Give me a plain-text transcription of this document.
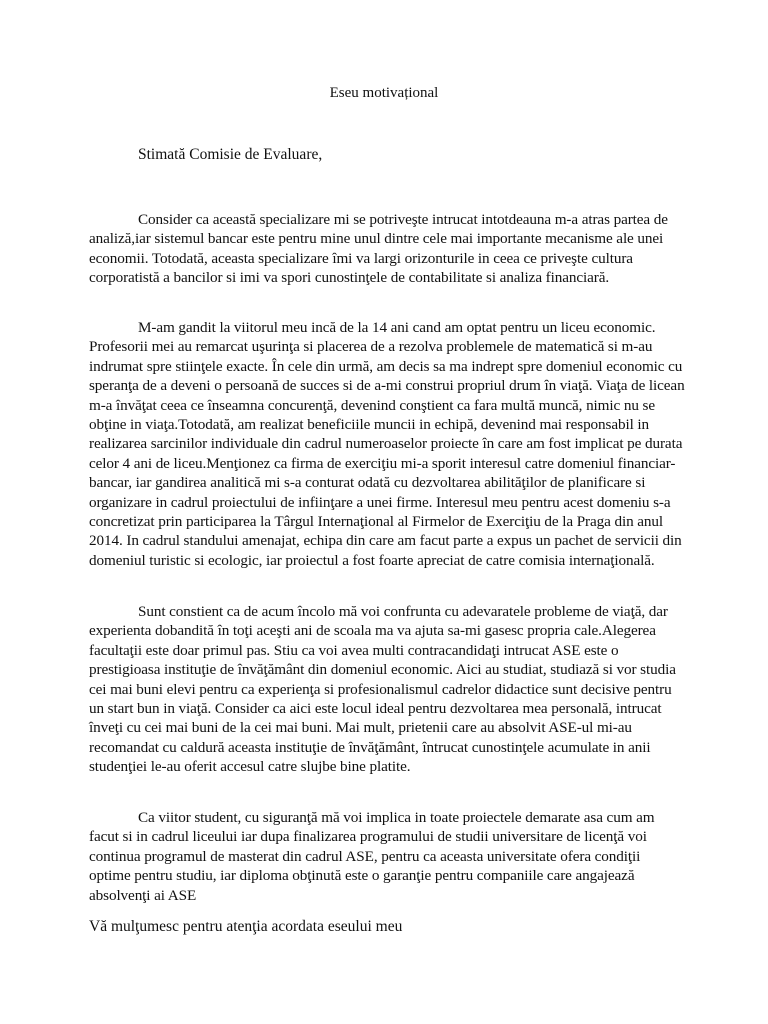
Eseu motivațional
Stimată Comisie de Evaluare,

Consider ca această specializare mi se potriveşte intrucat intotdeauna m-a atras partea de analiză,iar sistemul bancar este pentru mine unul dintre cele mai importante mecanisme ale unei economii. Totodată, aceasta specializare îmi va largi orizonturile in ceea ce priveşte cultura corporatistă a bancilor si imi va spori cunostinţele de contabilitate si analiza financiară.

M-am gandit la viitorul meu incă de la 14 ani cand am optat pentru un liceu economic. Profesorii mei au remarcat uşurinţa si placerea de a rezolva problemele de matematică si m-au indrumat spre stiinţele exacte. În cele din urmă, am decis sa ma indrept spre domeniul economic cu speranţa de a deveni o persoană de succes si de a-mi construi propriul drum în viaţă. Viaţa de licean m-a învăţat ceea ce înseamna concurenţă, devenind conştient ca fara multă muncă, nimic nu se obţine in viaţa.Totodată, am realizat beneficiile muncii in echipă, devenind mai responsabil in realizarea sarcinilor individuale din cadrul numeroaselor proiecte în care am fost implicat pe durata celor 4 ani de liceu.Menţionez ca firma de exerciţiu mi-a sporit interesul catre domeniul financiar-bancar, iar gandirea analitică mi s-a conturat odată cu dezvoltarea abilităţilor de planificare si organizare in cadrul proiectului de infiinţare a unei firme. Interesul meu pentru acest domeniu s-a concretizat prin participarea la Târgul Internaţional al Firmelor de Exerciţiu de la Praga din anul 2014. In cadrul standului amenajat, echipa din care am facut parte a expus un pachet de servicii din domeniul turistic si ecologic, iar proiectul a fost foarte apreciat de catre comisia internaţională.

Sunt constient ca de acum încolo mă voi confrunta cu adevaratele probleme de viaţă, dar experienta dobandită în toţi aceşti ani de scoala ma va ajuta sa-mi gasesc propria cale.Alegerea facultaţii este doar primul pas. Stiu ca voi avea multi contracandidaţi intrucat ASE este o prestigioasa instituţie de învăţământ din domeniul economic. Aici au studiat, studiază si vor studia cei mai buni elevi pentru ca experienţa si profesionalismul cadrelor didactice sunt decisive pentru un start bun in viaţă. Consider ca aici este locul ideal pentru dezvoltarea mea personală, intrucat înveţi cu cei mai buni de la cei mai buni. Mai mult, prietenii care au absolvit ASE-ul mi-au recomandat cu caldură aceasta instituţie de învăţământ, întrucat cunostinţele acumulate in anii studenţiei le-au oferit accesul catre slujbe bine platite.

Ca viitor student, cu siguranţă mă voi implica in toate proiectele demarate asa cum am facut si in cadrul liceului iar dupa finalizarea programului de studii universitare de licenţă voi continua programul de masterat din cadrul ASE, pentru ca aceasta universitate ofera condiţii optime pentru studiu, iar diploma obţinută este o garanţie pentru companiile care angajează absolvenţi ai ASE

Vă mulţumesc pentru atenţia acordata eseului meu
